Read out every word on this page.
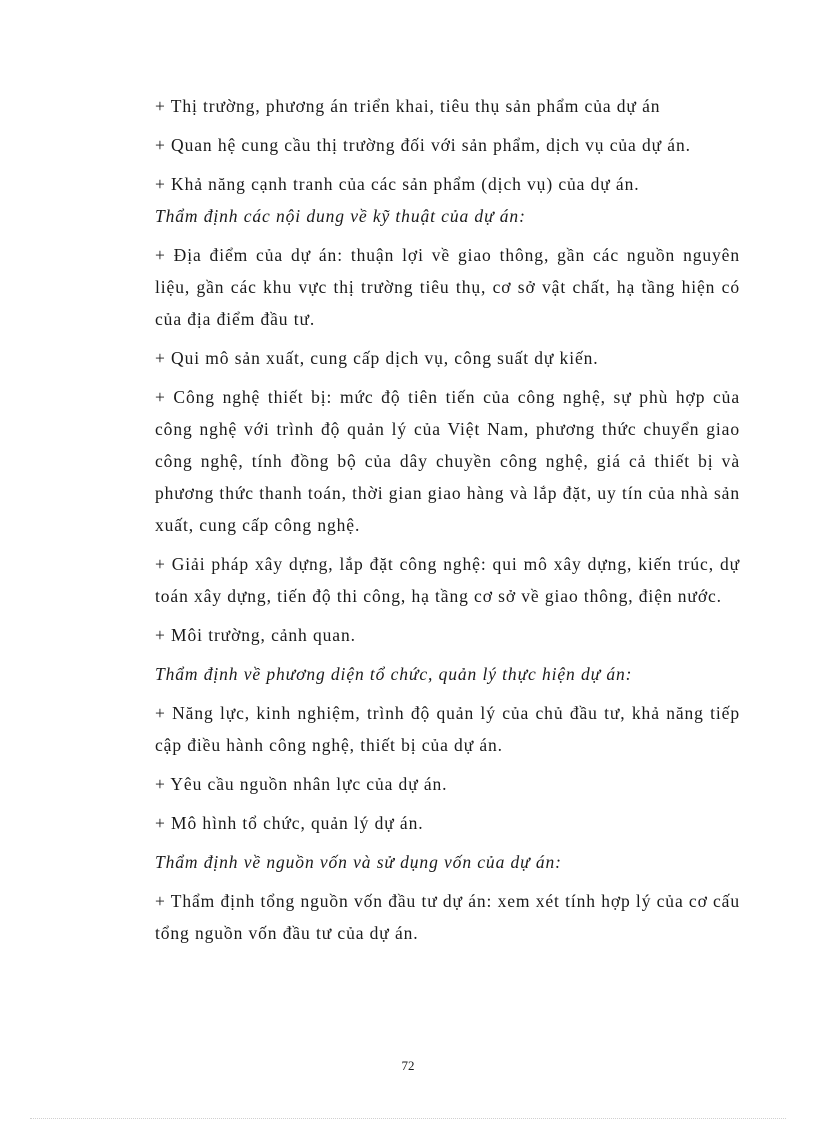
+ Thị trường, phương án triển khai, tiêu thụ sản phẩm của dự án

+ Quan hệ cung cầu thị trường đối với sản phẩm, dịch vụ của dự án.

+ Khả năng cạnh tranh của các sản phẩm (dịch vụ) của dự án.

Thẩm định các nội dung về kỹ thuật của dự án:

+ Địa điểm của dự án: thuận lợi về giao thông, gần các nguồn nguyên liệu, gần các khu vực thị trường tiêu thụ, cơ sở vật chất, hạ tầng hiện có của địa điểm đầu tư.

+ Qui mô sản xuất, cung cấp dịch vụ, công suất dự kiến.

+ Công nghệ thiết bị: mức độ tiên tiến của công nghệ, sự phù hợp của công nghệ với trình độ quản lý của Việt Nam, phương thức chuyển giao công nghệ, tính đồng bộ của dây chuyền công nghệ, giá cả thiết bị và phương thức thanh toán, thời gian giao hàng và lắp đặt, uy tín của nhà sản xuất, cung cấp công nghệ.

+ Giải pháp xây dựng, lắp đặt công nghệ: qui mô xây dựng, kiến trúc, dự toán xây dựng, tiến độ thi công, hạ tầng cơ sở về giao thông, điện nước.

+ Môi trường, cảnh quan.

Thẩm định về phương diện tổ chức, quản lý thực hiện dự án:

+ Năng lực, kinh nghiệm, trình độ quản lý của chủ đầu tư, khả năng tiếp cập điều hành công nghệ, thiết bị của dự án.

+ Yêu cầu nguồn nhân lực của dự án.

+ Mô hình tổ chức, quản lý dự án.

Thẩm định về nguồn vốn và sử dụng vốn của dự án:

+ Thẩm định tổng nguồn vốn đầu tư dự án: xem xét tính hợp lý của cơ cấu tổng nguồn vốn đầu tư của dự án.

72
